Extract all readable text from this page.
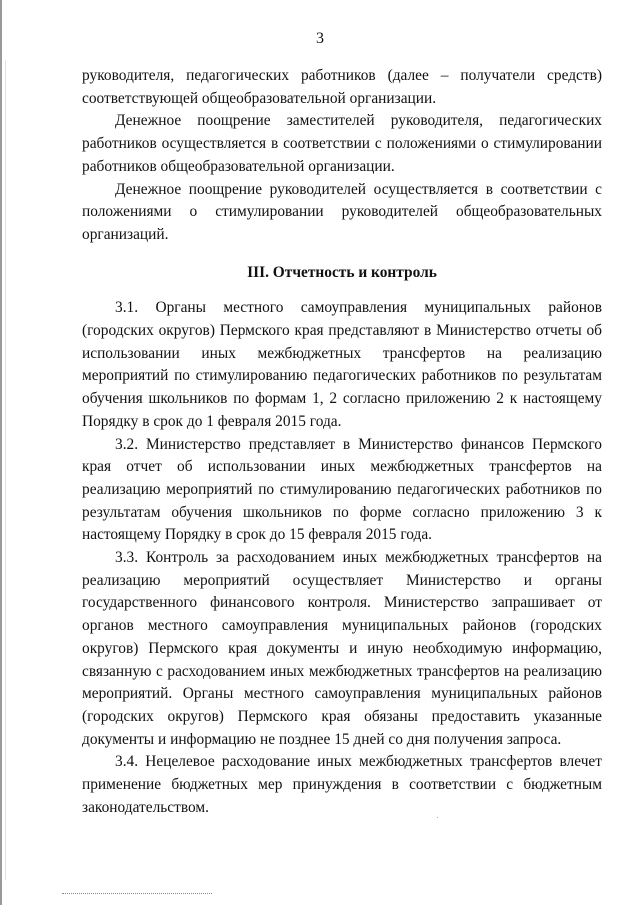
3

руководителя, педагогических работников (далее – получатели средств) соответствующей общеобразовательной организации.

Денежное поощрение заместителей руководителя, педагогических работников осуществляется в соответствии с положениями о стимулировании работников общеобразовательной организации.

Денежное поощрение руководителей осуществляется в соответствии с положениями о стимулировании руководителей общеобразовательных организаций.

III. Отчетность и контроль

3.1. Органы местного самоуправления муниципальных районов (городских округов) Пермского края представляют в Министерство отчеты об использовании иных межбюджетных трансфертов на реализацию мероприятий по стимулированию педагогических работников по результатам обучения школьников по формам 1, 2 согласно приложению 2 к настоящему Порядку в срок до 1 февраля 2015 года.

3.2. Министерство представляет в Министерство финансов Пермского края отчет об использовании иных межбюджетных трансфертов на реализацию мероприятий по стимулированию педагогических работников по результатам обучения школьников по форме согласно приложению 3 к настоящему Порядку в срок до 15 февраля 2015 года.

3.3. Контроль за расходованием иных межбюджетных трансфертов на реализацию мероприятий осуществляет Министерство и органы государственного финансового контроля. Министерство запрашивает от органов местного самоуправления муниципальных районов (городских округов) Пермского края документы и иную необходимую информацию, связанную с расходованием иных межбюджетных трансфертов на реализацию мероприятий. Органы местного самоуправления муниципальных районов (городских округов) Пермского края обязаны предоставить указанные документы и информацию не позднее 15 дней со дня получения запроса.

3.4. Нецелевое расходование иных межбюджетных трансфертов влечет применение бюджетных мер принуждения в соответствии с бюджетным законодательством.
